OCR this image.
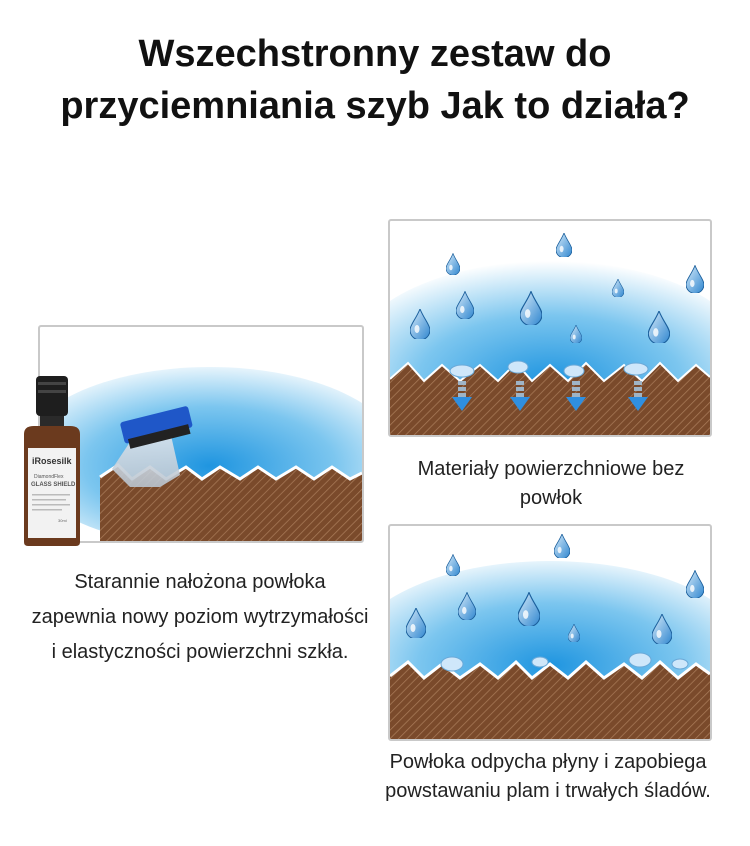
Wszechstronny zestaw do przyciemniania szyb Jak to działa?
iRosesilk
DiamondFlex
GLASS SHIELD
30ml
Starannie nałożona powłoka zapewnia nowy poziom wytrzymałości i elastyczności powierzchni szkła.
Materiały powierzchniowe bez powłok
Powłoka odpycha płyny i zapobiega powstawaniu plam i trwałych śladów.
